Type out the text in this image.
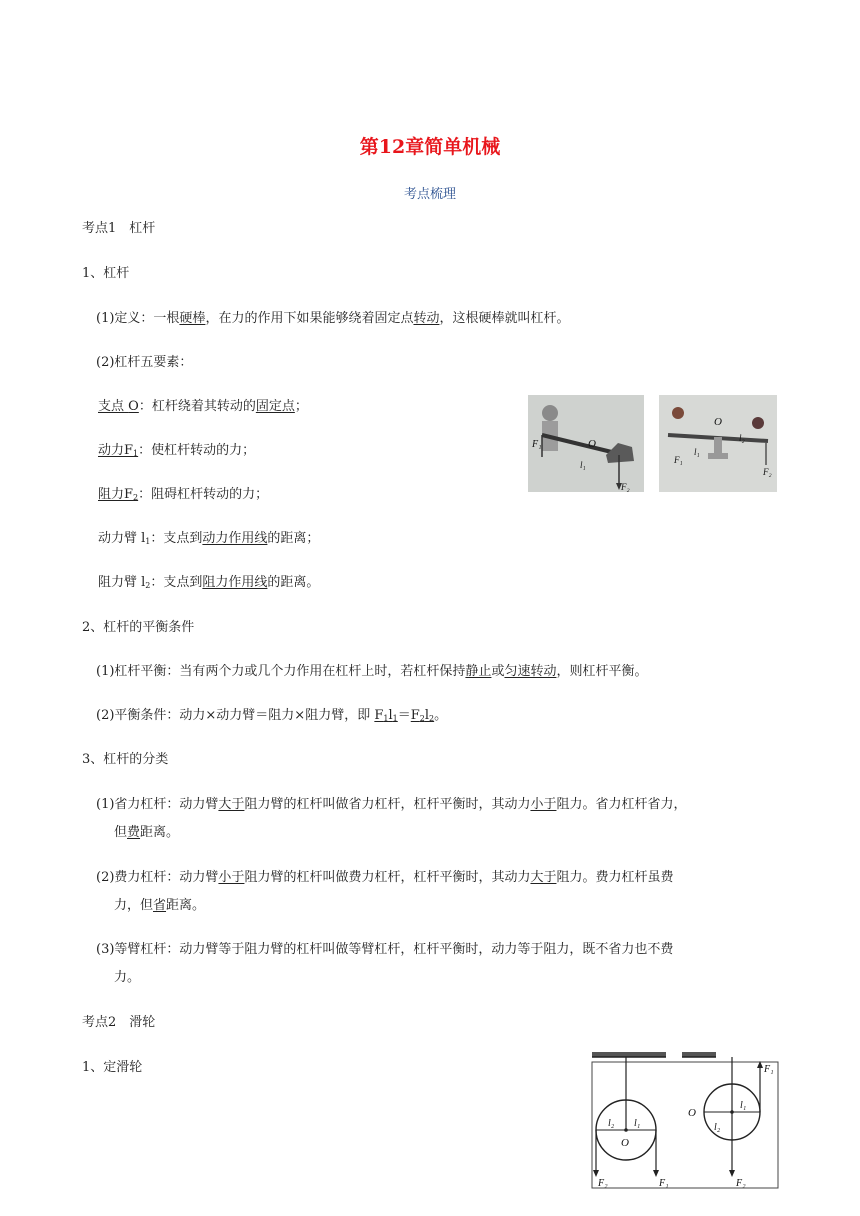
第12章简单机械
考点梳理
考点1　杠杆
1、杠杆
(1)定义：一根硬棒，在力的作用下如果能够绕着固定点转动，这根硬棒就叫杠杆。
(2)杠杆五要素：
支点 O：杠杆绕着其转动的固定点；
动力$F_1$：使杠杆转动的力；
阻力$F_2$：阻碍杠杆转动的力；
动力臂 $l_1$：支点到动力作用线的距离；
阻力臂 $l_2$：支点到阻力作用线的距离。
F₁	O
l₁
F₂
O
l₁
l₂
F₁
F₂
2、杠杆的平衡条件
(1)杠杆平衡：当有两个力或几个力作用在杠杆上时，若杠杆保持静止或匀速转动，则杠杆平衡。
(2)平衡条件：动力×动力臂＝阻力×阻力臂，即 $F_1l_1=F_2l_2$。
3、杠杆的分类
(1)省力杠杆：动力臂大于阻力臂的杠杆叫做省力杠杆，杠杆平衡时，其动力小于阻力。省力杠杆省力，
但费距离。
(2)费力杠杆：动力臂小于阻力臂的杠杆叫做费力杠杆，杠杆平衡时，其动力大于阻力。费力杠杆虽费
力，但省距离。
(3)等臂杠杆：动力臂等于阻力臂的杠杆叫做等臂杠杆，杠杆平衡时，动力等于阻力，既不省力也不费
力。
考点2　滑轮
1、定滑轮
l₂ l₁
O
F₂	F₁
F₁
O
l₁
l₂
F₂
